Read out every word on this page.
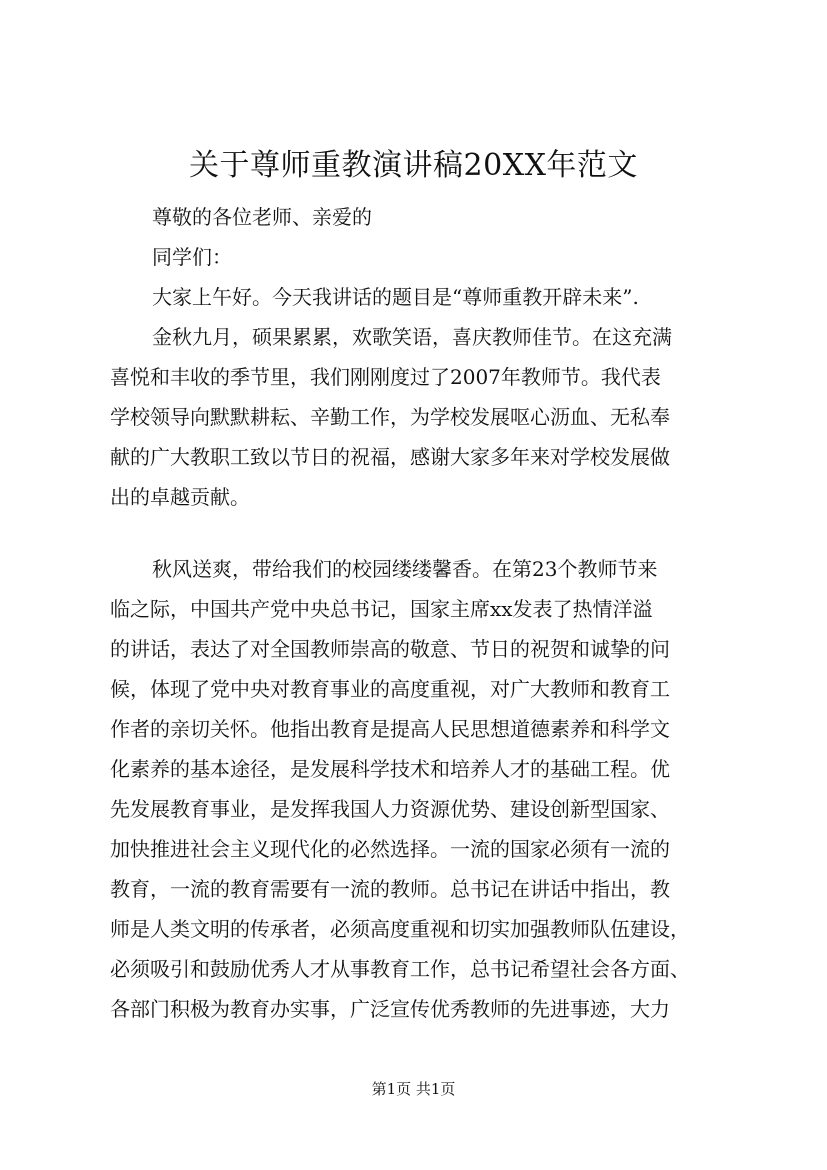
关于尊师重教演讲稿20XX年范文
尊敬的各位老师、亲爱的
同学们：
大家上午好。今天我讲话的题目是“尊师重教开辟未来”.
金秋九月，硕果累累，欢歌笑语，喜庆教师佳节。在这充满
喜悦和丰收的季节里，我们刚刚度过了2007年教师节。我代表
学校领导向默默耕耘、辛勤工作，为学校发展呕心沥血、无私奉
献的广大教职工致以节日的祝福，感谢大家多年来对学校发展做
出的卓越贡献。
秋风送爽，带给我们的校园缕缕馨香。在第23个教师节来
临之际，中国共产党中央总书记，国家主席xx发表了热情洋溢
的讲话，表达了对全国教师崇高的敬意、节日的祝贺和诚挚的问
候，体现了党中央对教育事业的高度重视，对广大教师和教育工
作者的亲切关怀。他指出教育是提高人民思想道德素养和科学文
化素养的基本途径，是发展科学技术和培养人才的基础工程。优
先发展教育事业，是发挥我国人力资源优势、建设创新型国家、
加快推进社会主义现代化的必然选择。一流的国家必须有一流的
教育，一流的教育需要有一流的教师。总书记在讲话中指出，教
师是人类文明的传承者，必须高度重视和切实加强教师队伍建设，
必须吸引和鼓励优秀人才从事教育工作，总书记希望社会各方面、
各部门积极为教育办实事，广泛宣传优秀教师的先进事迹，大力
第1页 共1页
